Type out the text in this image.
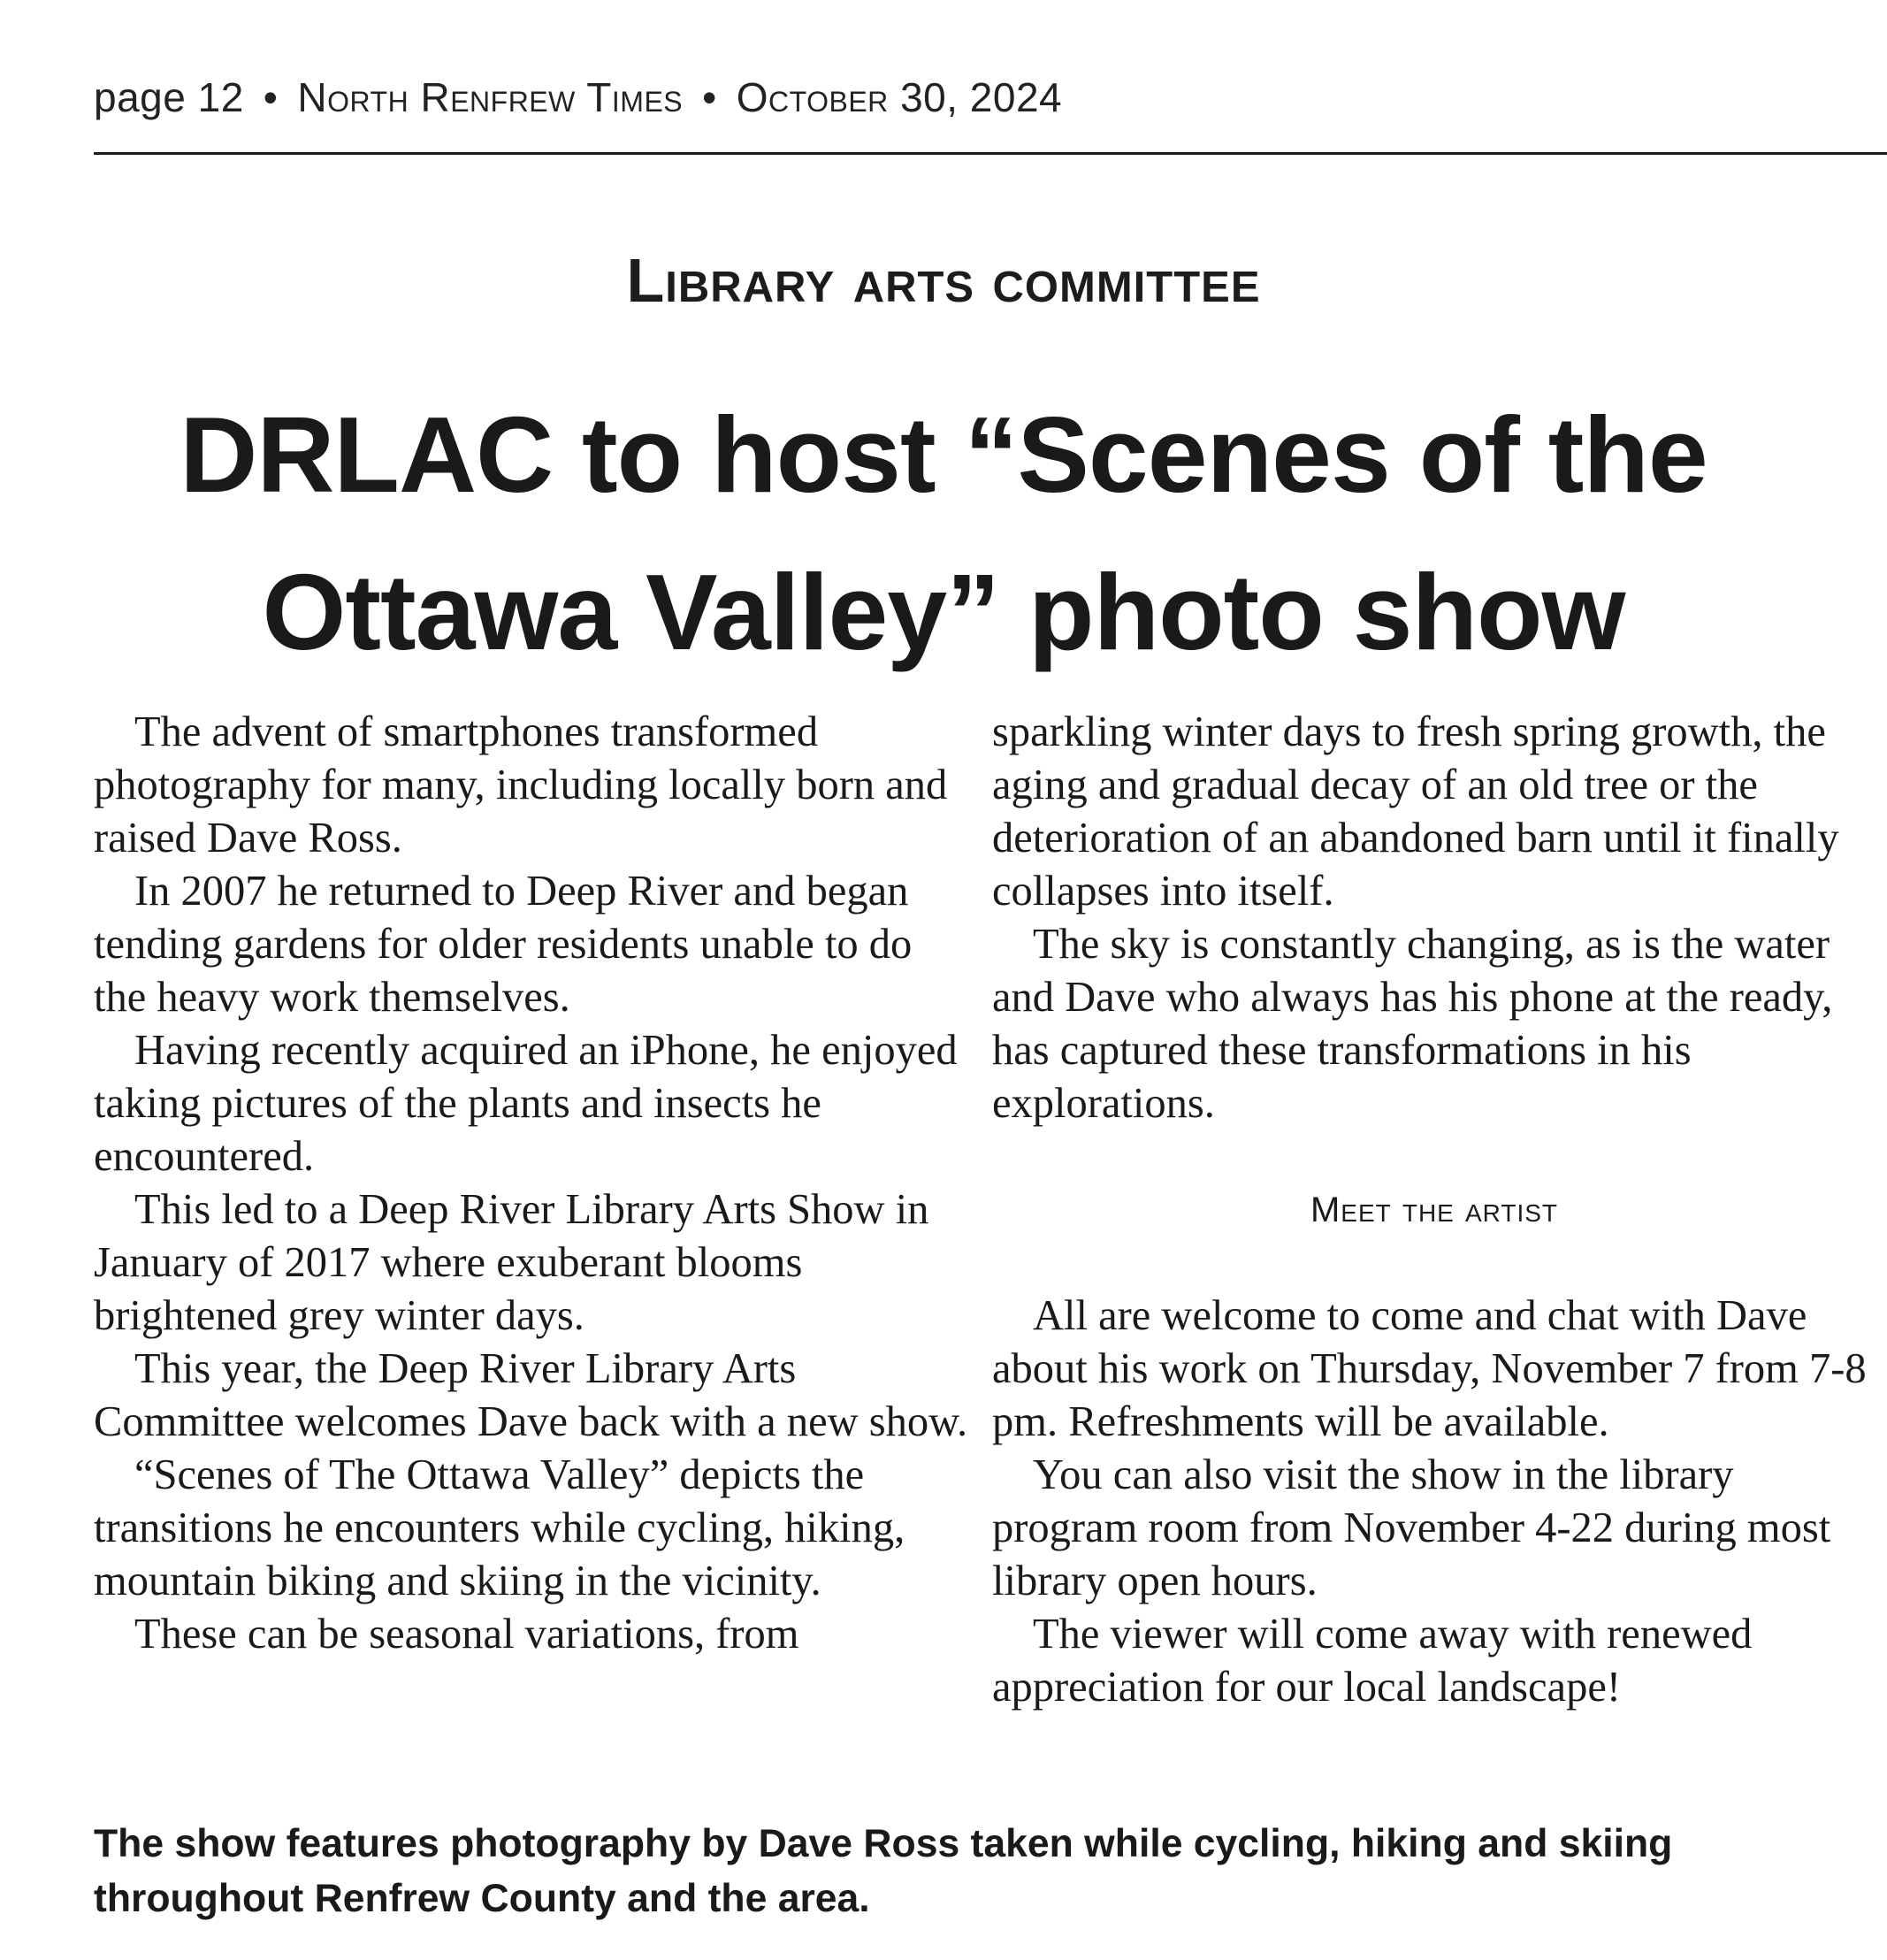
page 12 • North Renfrew Times • October 30, 2024
Library arts committee
DRLAC to host “Scenes of the
Ottawa Valley” photo show

The advent of smartphones transformed photography for many, including locally born and raised Dave Ross.

In 2007 he returned to Deep River and began tending gardens for older residents unable to do the heavy work themselves.

Having recently acquired an iPhone, he enjoyed taking pictures of the plants and insects he encountered.

This led to a Deep River Library Arts Show in January of 2017 where exuberant blooms brightened grey winter days.

This year, the Deep River Library Arts Committee welcomes Dave back with a new show.

“Scenes of The Ottawa Valley” depicts the transitions he encounters while cycling, hiking, mountain biking and skiing in the vicinity.

These can be seasonal variations, from

sparkling winter days to fresh spring growth, the aging and gradual decay of an old tree or the deterioration of an abandoned barn until it finally collapses into itself.

The sky is constantly changing, as is the water and Dave who always has his phone at the ready, has captured these transformations in his explorations.

Meet the artist

All are welcome to come and chat with Dave about his work on Thursday, November 7 from 7-8 pm. Refreshments will be available.

You can also visit the show in the library program room from November 4-22 during most library open hours.

The viewer will come away with renewed appreciation for our local landscape!

The show features photography by Dave Ross taken while cycling, hiking and skiing
throughout Renfrew County and the area.
